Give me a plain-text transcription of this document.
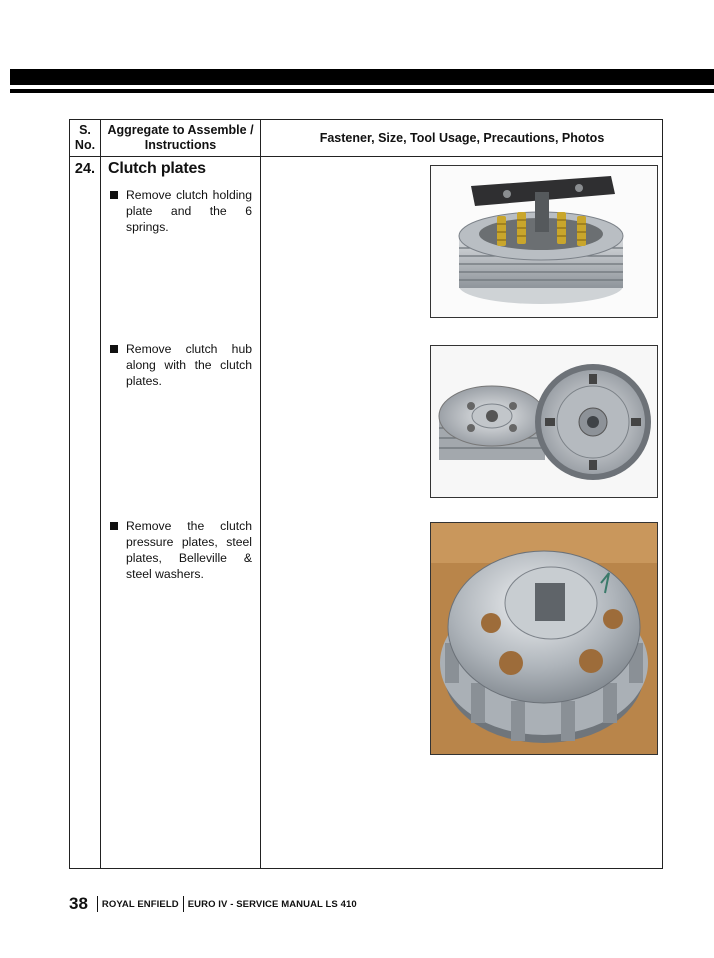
S.
No.
Aggregate to Assemble /
Instructions
Fastener, Size, Tool Usage, Precautions, Photos
24. Clutch plates
Remove clutch holding plate and the 6 springs.
Remove clutch hub along with the clutch plates.
Remove the clutch pressure plates, steel plates, Belleville & steel washers.
38 ROYAL ENFIELD EURO IV - SERVICE MANUAL LS 410
